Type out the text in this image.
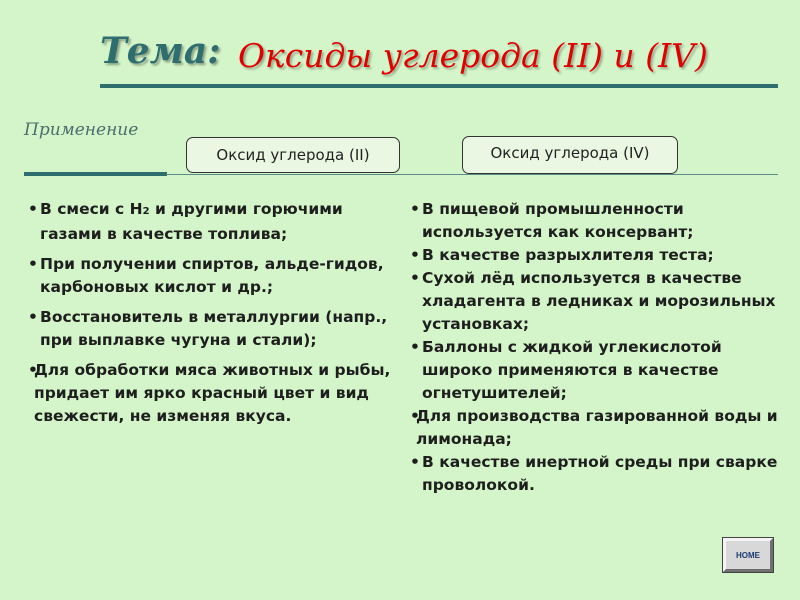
Тема: Оксиды углерода (II) и (IV)
Применение
Оксид углерода (II)	Оксид углерода (IV)
• В смеси с Н2 и другими горючими газами в качестве топлива;
• При получении спиртов, альде-гидов, карбоновых кислот и др.;
• Восстановитель в металлургии (напр., при выплавке чугуна и стали);
• Для обработки мяса животных и рыбы, придает им ярко красный цвет и вид свежести, не изменяя вкуса.
• В пищевой промышленности используется как консервант;
• В качестве разрыхлителя теста;
• Сухой лёд используется в качестве хладагента в ледниках и морозильных установках;
• Баллоны с жидкой углекислотой широко применяются в качестве огнетушителей;
• Для производства газированной воды и лимонада;
• В качестве инертной среды при сварке проволокой.
HOME
